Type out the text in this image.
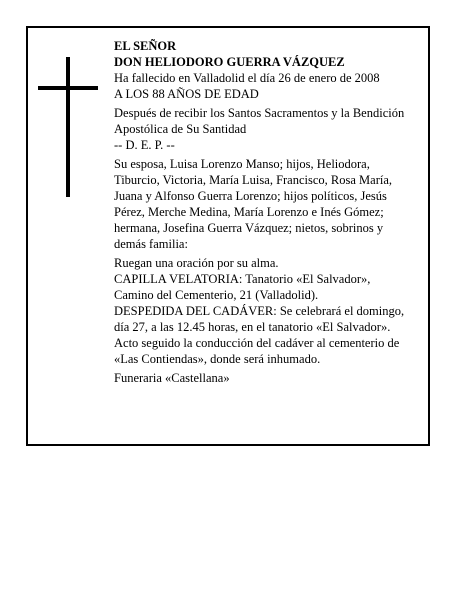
EL SEÑOR

DON HELIODORO GUERRA VÁZQUEZ

Ha fallecido en Valladolid el día 26 de enero de 2008

A LOS 88 AÑOS DE EDAD

Después de recibir los Santos Sacramentos y la Bendición Apostólica de Su Santidad

-- D. E. P. --

Su esposa, Luisa Lorenzo Manso; hijos, Heliodora, Tiburcio, Victoria, María Luisa, Francisco, Rosa María, Juana y Alfonso Guerra Lorenzo; hijos políticos, Jesús Pérez, Merche Medina, María Lorenzo e Inés Gómez; hermana, Josefina Guerra Vázquez; nietos, sobrinos y demás familia:

Ruegan una oración por su alma.

CAPILLA VELATORIA: Tanatorio «El Salvador», Camino del Cementerio, 21 (Valladolid).

DESPEDIDA DEL CADÁVER: Se celebrará el domingo, día 27, a las 12.45 horas, en el tanatorio «El Salvador». Acto seguido la conducción del cadáver al cementerio de «Las Contiendas», donde será inhumado.

Funeraria «Castellana»
